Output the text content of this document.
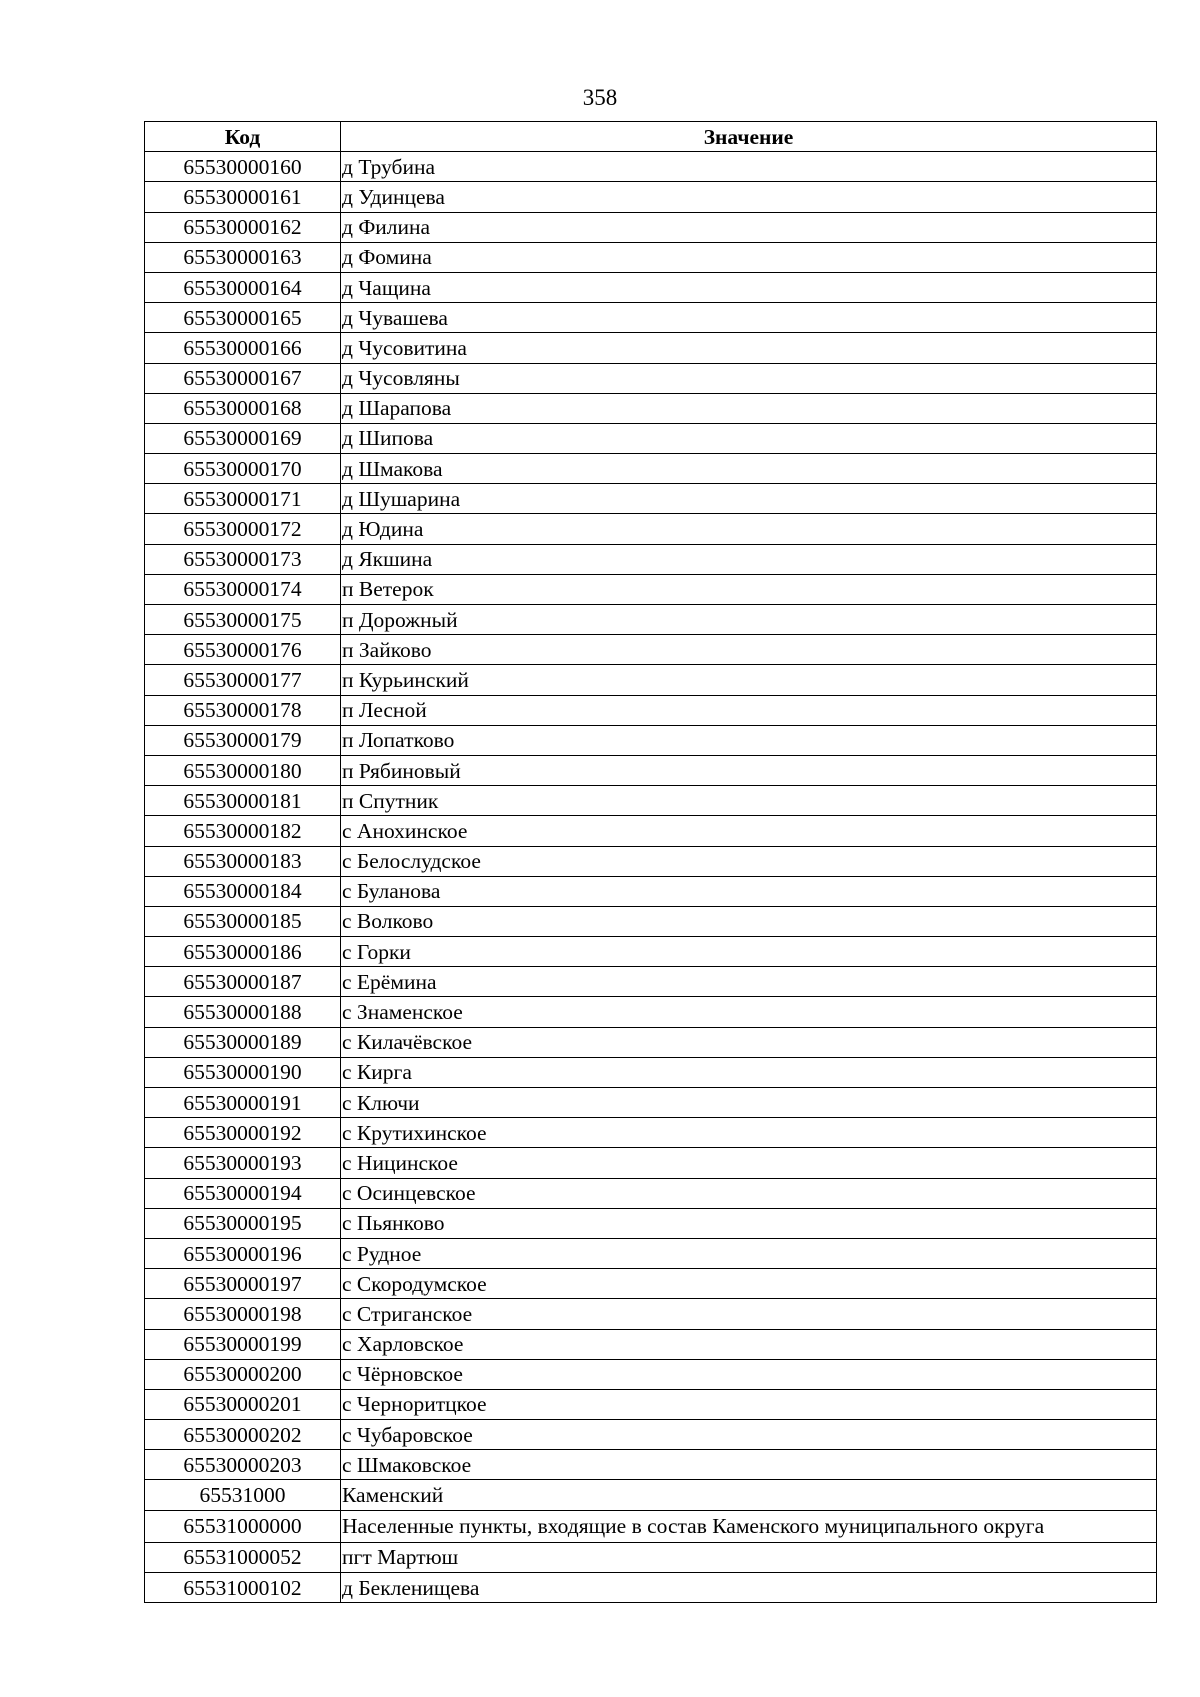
358
Код	Значение
65530000160	д Трубина
65530000161	д Удинцева
65530000162	д Филина
65530000163	д Фомина
65530000164	д Чащина
65530000165	д Чувашева
65530000166	д Чусовитина
65530000167	д Чусовляны
65530000168	д Шарапова
65530000169	д Шипова
65530000170	д Шмакова
65530000171	д Шушарина
65530000172	д Юдина
65530000173	д Якшина
65530000174	п Ветерок
65530000175	п Дорожный
65530000176	п Зайково
65530000177	п Курьинский
65530000178	п Лесной
65530000179	п Лопатково
65530000180	п Рябиновый
65530000181	п Спутник
65530000182	с Анохинское
65530000183	с Белослудское
65530000184	с Буланова
65530000185	с Волково
65530000186	с Горки
65530000187	с Ерёмина
65530000188	с Знаменское
65530000189	с Килачёвское
65530000190	с Кирга
65530000191	с Ключи
65530000192	с Крутихинское
65530000193	с Ницинское
65530000194	с Осинцевское
65530000195	с Пьянково
65530000196	с Рудное
65530000197	с Скородумское
65530000198	с Стриганское
65530000199	с Харловское
65530000200	с Чёрновское
65530000201	с Черноритцкое
65530000202	с Чубаровское
65530000203	с Шмаковское
65531000	Каменский
65531000000	Населенные пункты, входящие в состав Каменского муниципального округа
65531000052	пгт Мартюш
65531000102	д Бекленищева
